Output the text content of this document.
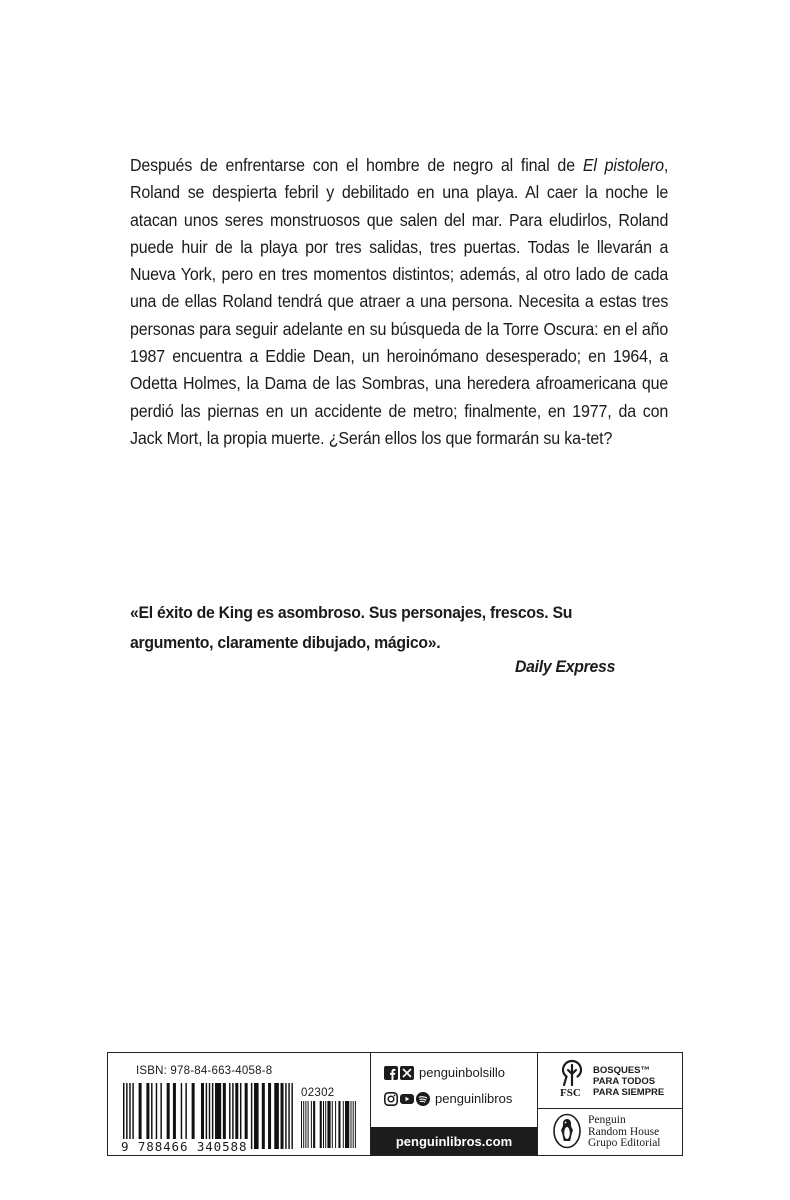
Después de enfrentarse con el hombre de negro al final de El pistolero, Roland se despierta febril y debilitado en una playa. Al caer la noche le atacan unos seres monstruosos que salen del mar. Para eludirlos, Roland puede huir de la playa por tres salidas, tres puertas. Todas le llevarán a Nueva York, pero en tres momentos distintos; además, al otro lado de cada una de ellas Roland tendrá que atraer a una persona. Necesita a estas tres personas para seguir adelante en su búsqueda de la Torre Oscura: en el año 1987 encuentra a Eddie Dean, un heroinómano desesperado; en 1964, a Odetta Holmes, la Dama de las Sombras, una heredera afroamericana que perdió las piernas en un accidente de metro; finalmente, en 1977, da con Jack Mort, la propia muerte. ¿Serán ellos los que formarán su ka-tet?

«El éxito de King es asombroso. Sus personajes, frescos. Su argumento, claramente dibujado, mágico».

Daily Express
ISBN: 978-84-663-4058-8
02302
9 788466 340588
penguinbolsillo
penguinlibros
penguinlibros.com
FSC
BOSQUES™
PARA TODOS
PARA SIEMPRE
Penguin
Random House
Grupo Editorial
